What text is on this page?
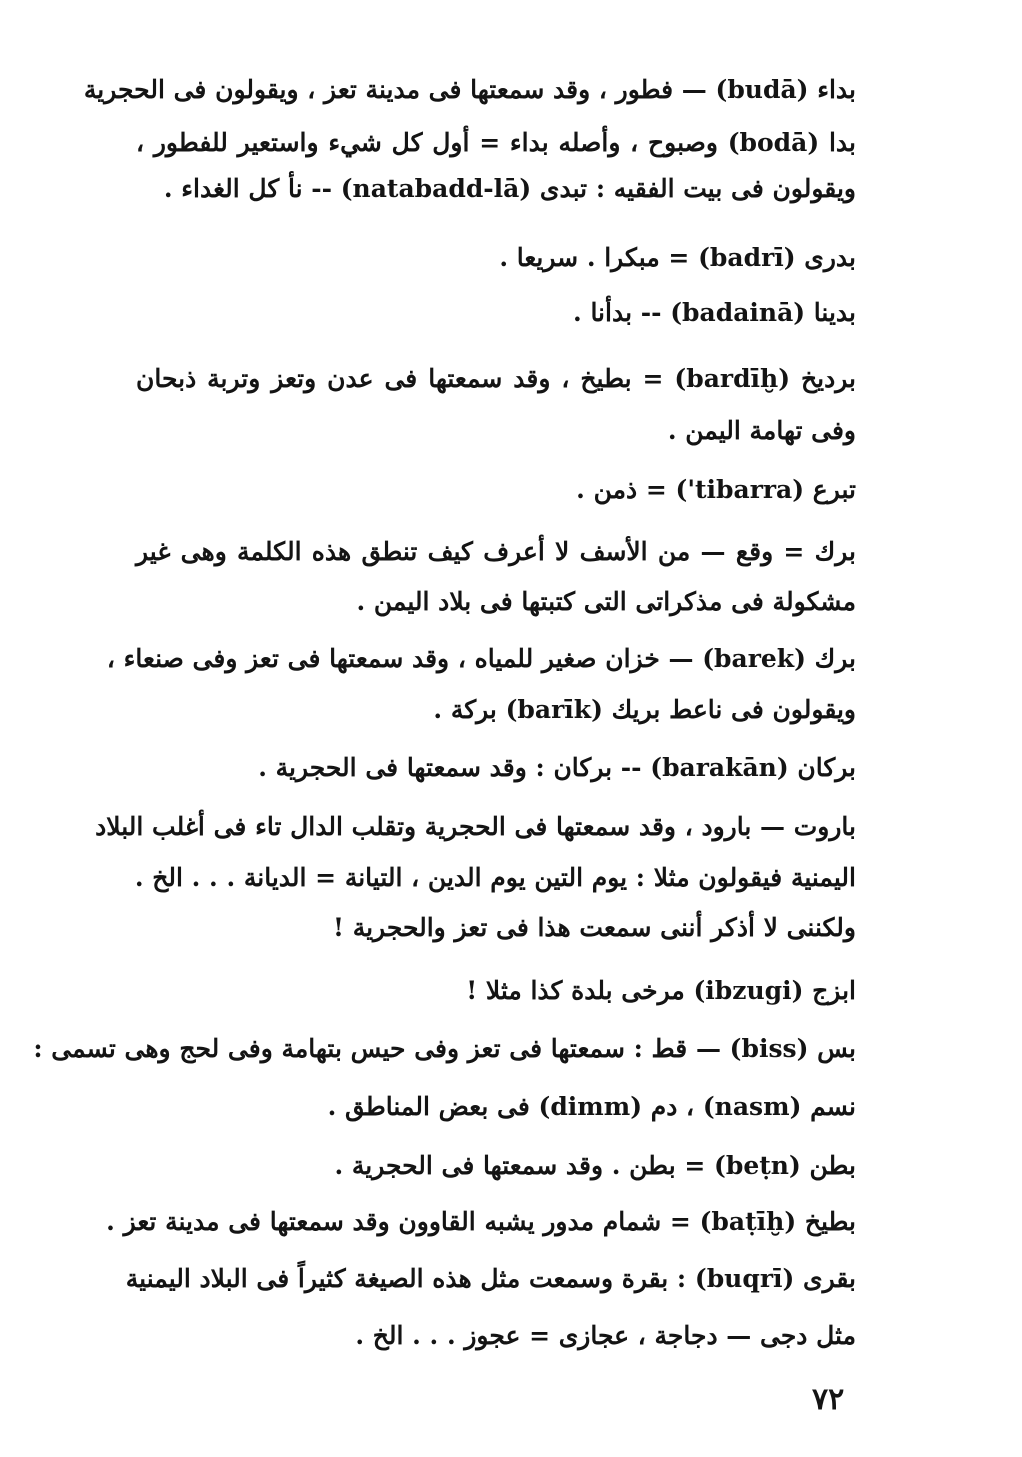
بداء (budā) — فطور ، وقد سمعتها فى مدينة تعز ، ويقولون فى الحجرية
بدا (bodā) وصبوح ، وأصله بداء = أول كل شيء واستعير للفطور ،
ويقولون فى بيت الفقيه : تبدى (natabadd-lā) -- نأ كل الغداء .
بدرى (badrī) = مبكرا . سريعا .
بدينا (badainā) -- بدأنا .
برديخ (bardīḫ) = بطيخ ، وقد سمعتها فى عدن وتعز وتربة ذبحان
وفى تهامة اليمن .
تبرع (tibarra') = ذمن .
برك = وقع — من الأسف لا أعرف كيف تنطق هذه الكلمة وهى غير
مشكولة فى مذكراتى التى كتبتها فى بلاد اليمن .
برك (barek) — خزان صغير للمياه ، وقد سمعتها فى تعز وفى صنعاء ،
ويقولون فى ناعط بريك (barīk) بركة .
بركان (barakān) -- بركان : وقد سمعتها فى الحجرية .
باروت — بارود ، وقد سمعتها فى الحجرية وتقلب الدال تاء فى أغلب البلاد
اليمنية فيقولون مثلا : يوم التين يوم الدين ، التيانة = الديانة . . . الخ .
ولكننى لا أذكر أننى سمعت هذا فى تعز والحجرية !
ابزج (ibzugi) مرخى بلدة كذا مثلا !
بس (biss) — قط : سمعتها فى تعز وفى حيس بتهامة وفى لحج وهى تسمى :
نسم (nasm) ، دم (dimm) فى بعض المناطق .
بطن (beṭn) = بطن . وقد سمعتها فى الحجرية .
بطيخ (baṭīḫ) = شمام مدور يشبه القاوون وقد سمعتها فى مدينة تعز .
بقرى (buqrī) : بقرة وسمعت مثل هذه الصيغة كثيراً فى البلاد اليمنية
مثل دجى — دجاجة ، عجازى = عجوز . . . الخ .
٧٢
